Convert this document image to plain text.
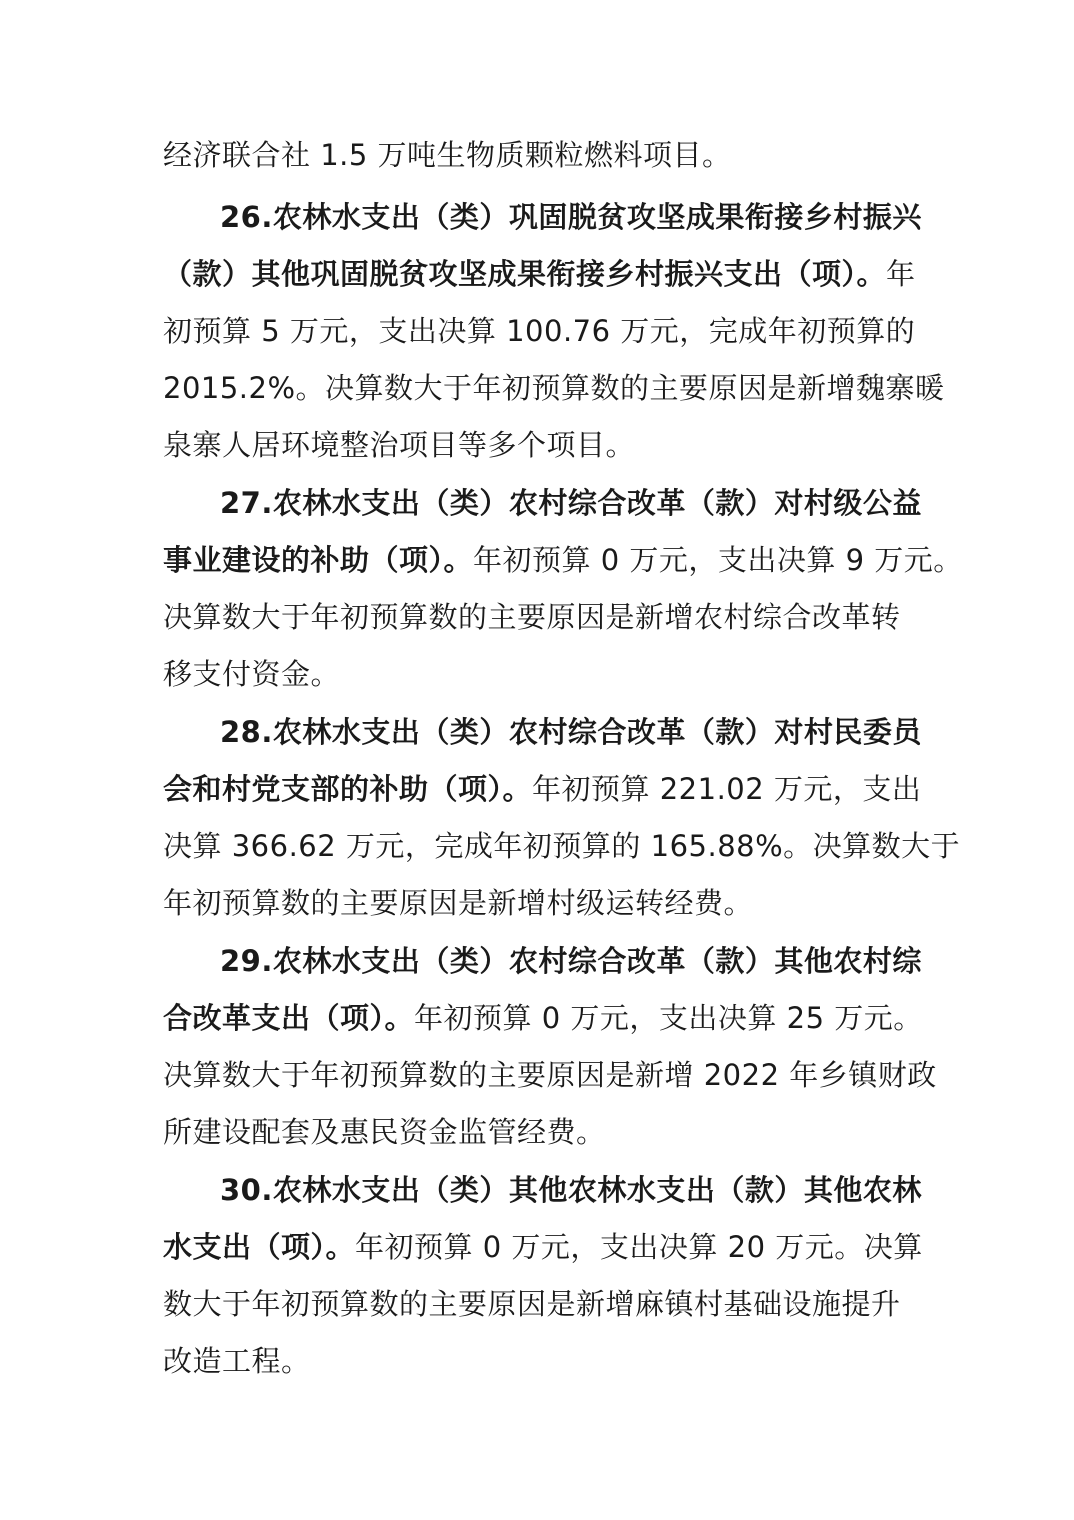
经济联合社 1.5 万吨生物质颗粒燃料项目。
26.农林水支出（类）巩固脱贫攻坚成果衔接乡村振兴
（款）其他巩固脱贫攻坚成果衔接乡村振兴支出（项）。年
初预算 5 万元，支出决算 100.76 万元，完成年初预算的
2015.2%。决算数大于年初预算数的主要原因是新增魏寨暖
泉寨人居环境整治项目等多个项目。
27.农林水支出（类）农村综合改革（款）对村级公益
事业建设的补助（项）。年初预算 0 万元，支出决算 9 万元。
决算数大于年初预算数的主要原因是新增农村综合改革转
移支付资金。
28.农林水支出（类）农村综合改革（款）对村民委员
会和村党支部的补助（项）。年初预算 221.02 万元，支出
决算 366.62 万元，完成年初预算的 165.88%。决算数大于
年初预算数的主要原因是新增村级运转经费。
29.农林水支出（类）农村综合改革（款）其他农村综
合改革支出（项）。年初预算 0 万元，支出决算 25 万元。
决算数大于年初预算数的主要原因是新增 2022 年乡镇财政
所建设配套及惠民资金监管经费。
30.农林水支出（类）其他农林水支出（款）其他农林
水支出（项）。年初预算 0 万元，支出决算 20 万元。决算
数大于年初预算数的主要原因是新增麻镇村基础设施提升
改造工程。
